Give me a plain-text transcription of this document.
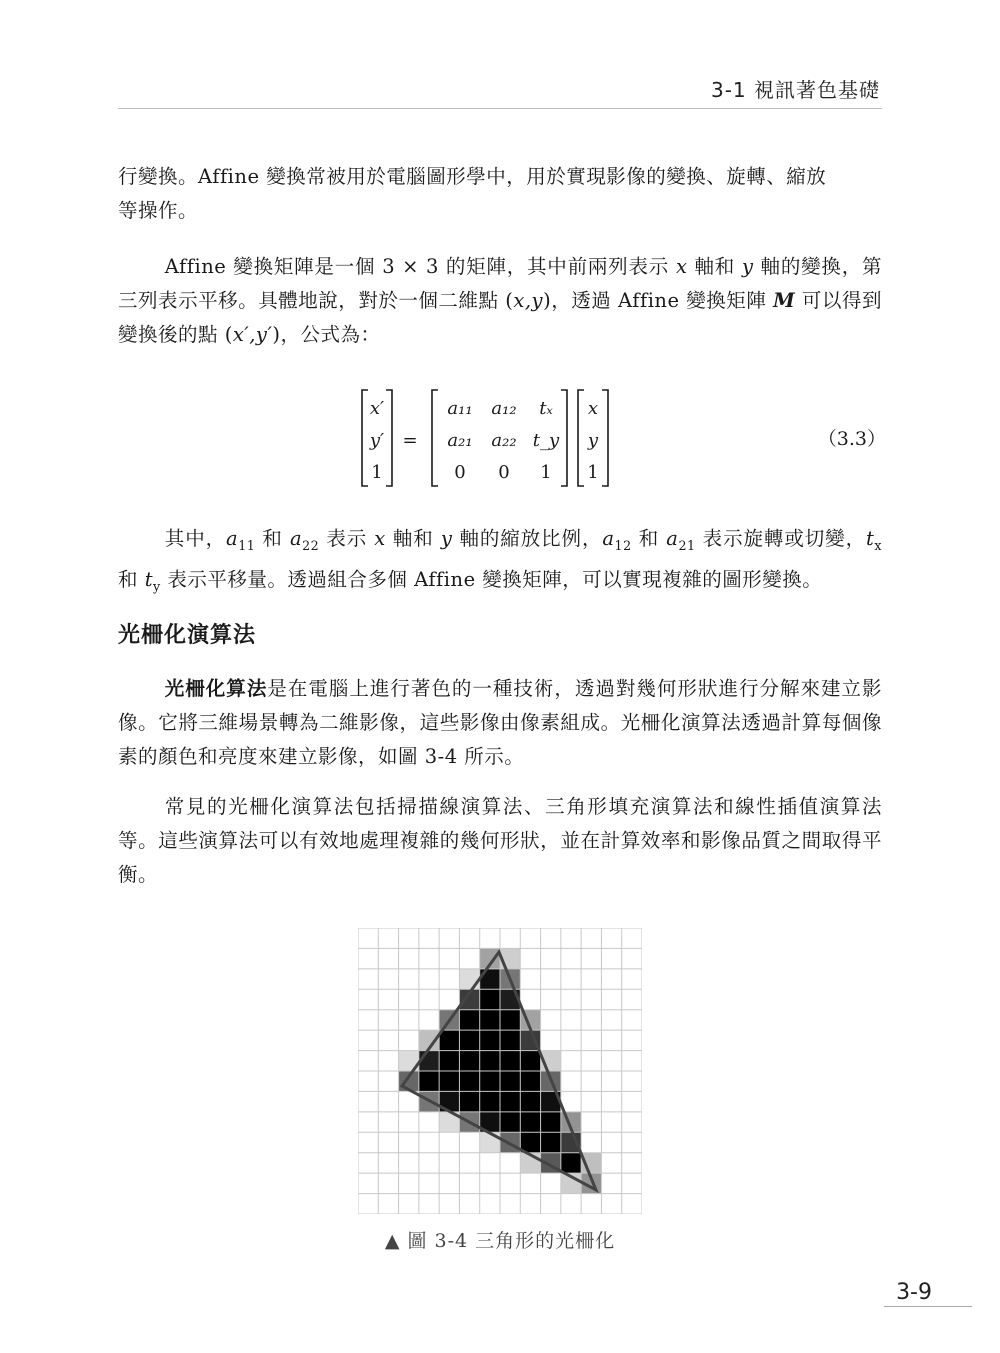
3-1 視訊著色基礎

行變換。Affine 變換常被用於電腦圖形學中，用於實現影像的變換、旋轉、縮放
等操作。

Affine 變換矩陣是一個 3 × 3 的矩陣，其中前兩列表示 x 軸和 y 軸的變換，第三列表示平移。具體地說，對於一個二維點 (x,y)，透過 Affine 變換矩陣 M 可以得到變換後的點 (x′,y′)，公式為：

x′
y′
1
=
a₁₁ a₁₂ tₓ
a₂₁ a₂₂ t_y
0 0 1
x
y
1
（3.3）

其中，$a_{11}$ 和 $a_{22}$ 表示 x 軸和 y 軸的縮放比例，$a_{12}$ 和 $a_{21}$ 表示旋轉或切變，$t_x$ 和 $t_y$ 表示平移量。透過組合多個 Affine 變換矩陣，可以實現複雜的圖形變換。

光柵化演算法

光柵化算法是在電腦上進行著色的一種技術，透過對幾何形狀進行分解來建立影像。它將三維場景轉為二維影像，這些影像由像素組成。光柵化演算法透過計算每個像素的顏色和亮度來建立影像，如圖 3-4 所示。

常見的光柵化演算法包括掃描線演算法、三角形填充演算法和線性插值演算法等。這些演算法可以有效地處理複雜的幾何形狀，並在計算效率和影像品質之間取得平衡。

▲ 圖 3-4 三角形的光柵化
3-9
